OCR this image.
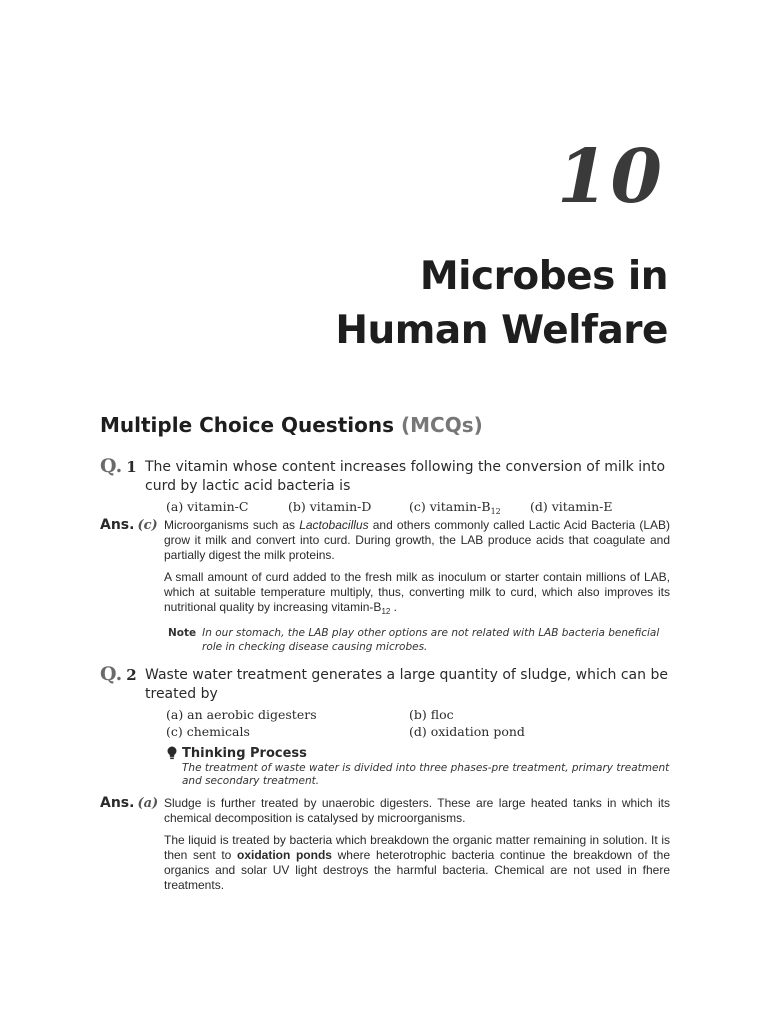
10
Microbes in
Human Welfare
Multiple Choice Questions (MCQs)
Q. 1 The vitamin whose content increases following the conversion of milk into curd by lactic acid bacteria is
(a) vitamin-C	(b) vitamin-D	(c) vitamin-$B_{12}$	(d) vitamin-E
Ans. (c) Microorganisms such as Lactobacillus and others commonly called Lactic Acid Bacteria (LAB) grow it milk and convert into curd. During growth, the LAB produce acids that coagulate and partially digest the milk proteins.

A small amount of curd added to the fresh milk as inoculum or starter contain millions of LAB, which at suitable temperature multiply, thus, converting milk to curd, which also improves its nutritional quality by increasing vitamin-$B_{12}$ .

Note In our stomach, the LAB play other options are not related with LAB bacteria beneficial role in checking disease causing microbes.
Q. 2 Waste water treatment generates a large quantity of sludge, which can be treated by
(a) an aerobic digesters	(b) floc
(c) chemicals	(d) oxidation pond
Thinking Process
The treatment of waste water is divided into three phases-pre treatment, primary treatment and secondary treatment.
Ans. (a) Sludge is further treated by unaerobic digesters. These are large heated tanks in which its chemical decomposition is catalysed by microorganisms.

The liquid is treated by bacteria which breakdown the organic matter remaining in solution. It is then sent to oxidation ponds where heterotrophic bacteria continue the breakdown of the organics and solar UV light destroys the harmful bacteria. Chemical are not used in fhere treatments.
